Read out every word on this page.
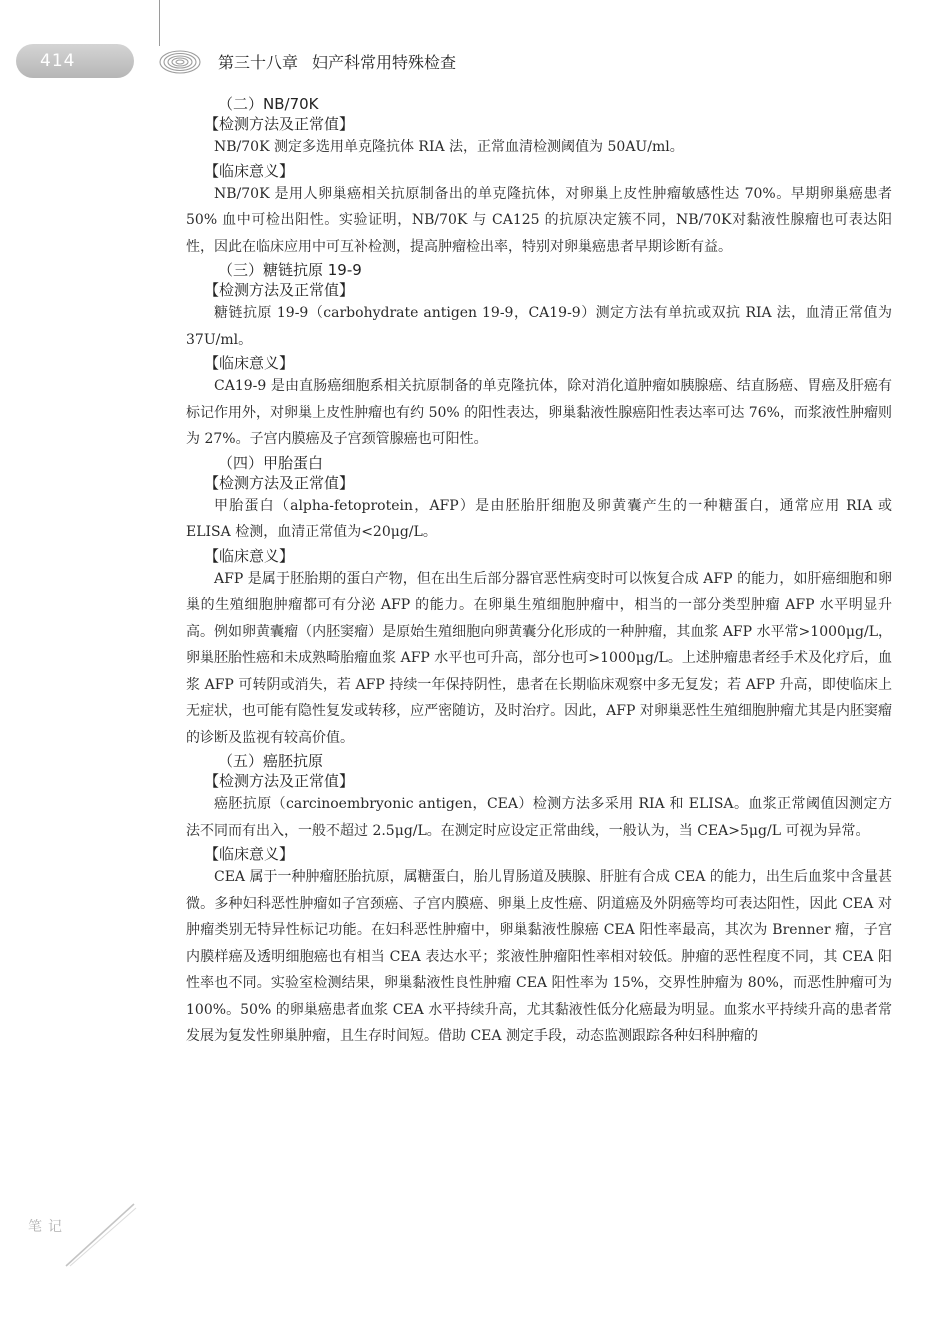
414	第三十八章 妇产科常用特殊检查

（二）NB/70K

【检测方法及正常值】

NB/70K 测定多选用单克隆抗体 RIA 法，正常血清检测阈值为 50AU/ml。

【临床意义】

NB/70K 是用人卵巢癌相关抗原制备出的单克隆抗体，对卵巢上皮性肿瘤敏感性达 70%。早期卵巢癌患者 50% 血中可检出阳性。实验证明，NB/70K 与 CA125 的抗原决定簇不同，NB/70K对黏液性腺瘤也可表达阳性，因此在临床应用中可互补检测，提高肿瘤检出率，特别对卵巢癌患者早期诊断有益。

（三）糖链抗原 19-9

【检测方法及正常值】

糖链抗原 19-9（carbohydrate antigen 19-9，CA19-9）测定方法有单抗或双抗 RIA 法，血清正常值为 37U/ml。

【临床意义】

CA19-9 是由直肠癌细胞系相关抗原制备的单克隆抗体，除对消化道肿瘤如胰腺癌、结直肠癌、胃癌及肝癌有标记作用外，对卵巢上皮性肿瘤也有约 50% 的阳性表达，卵巢黏液性腺癌阳性表达率可达 76%，而浆液性肿瘤则为 27%。子宫内膜癌及子宫颈管腺癌也可阳性。

（四）甲胎蛋白

【检测方法及正常值】

甲胎蛋白（alpha-fetoprotein，AFP）是由胚胎肝细胞及卵黄囊产生的一种糖蛋白，通常应用 RIA 或 ELISA 检测，血清正常值为<20μg/L。

【临床意义】

AFP 是属于胚胎期的蛋白产物，但在出生后部分器官恶性病变时可以恢复合成 AFP 的能力，如肝癌细胞和卵巢的生殖细胞肿瘤都可有分泌 AFP 的能力。在卵巢生殖细胞肿瘤中，相当的一部分类型肿瘤 AFP 水平明显升高。例如卵黄囊瘤（内胚窦瘤）是原始生殖细胞向卵黄囊分化形成的一种肿瘤，其血浆 AFP 水平常>1000μg/L，卵巢胚胎性癌和未成熟畸胎瘤血浆 AFP 水平也可升高，部分也可>1000μg/L。上述肿瘤患者经手术及化疗后，血浆 AFP 可转阴或消失，若 AFP 持续一年保持阴性，患者在长期临床观察中多无复发；若 AFP 升高，即使临床上无症状，也可能有隐性复发或转移，应严密随访，及时治疗。因此，AFP 对卵巢恶性生殖细胞肿瘤尤其是内胚窦瘤的诊断及监视有较高价值。

（五）癌胚抗原

【检测方法及正常值】

癌胚抗原（carcinoembryonic antigen，CEA）检测方法多采用 RIA 和 ELISA。血浆正常阈值因测定方法不同而有出入，一般不超过 2.5μg/L。在测定时应设定正常曲线，一般认为，当 CEA>5μg/L 可视为异常。

【临床意义】

CEA 属于一种肿瘤胚胎抗原，属糖蛋白，胎儿胃肠道及胰腺、肝脏有合成 CEA 的能力，出生后血浆中含量甚微。多种妇科恶性肿瘤如子宫颈癌、子宫内膜癌、卵巢上皮性癌、阴道癌及外阴癌等均可表达阳性，因此 CEA 对肿瘤类别无特异性标记功能。在妇科恶性肿瘤中，卵巢黏液性腺癌 CEA 阳性率最高，其次为 Brenner 瘤，子宫内膜样癌及透明细胞癌也有相当 CEA 表达水平；浆液性肿瘤阳性率相对较低。肿瘤的恶性程度不同，其 CEA 阳性率也不同。实验室检测结果，卵巢黏液性良性肿瘤 CEA 阳性率为 15%，交界性肿瘤为 80%，而恶性肿瘤可为 100%。50% 的卵巢癌患者血浆 CEA 水平持续升高，尤其黏液性低分化癌最为明显。血浆水平持续升高的患者常发展为复发性卵巢肿瘤，且生存时间短。借助 CEA 测定手段，动态监测跟踪各种妇科肿瘤的

笔记
